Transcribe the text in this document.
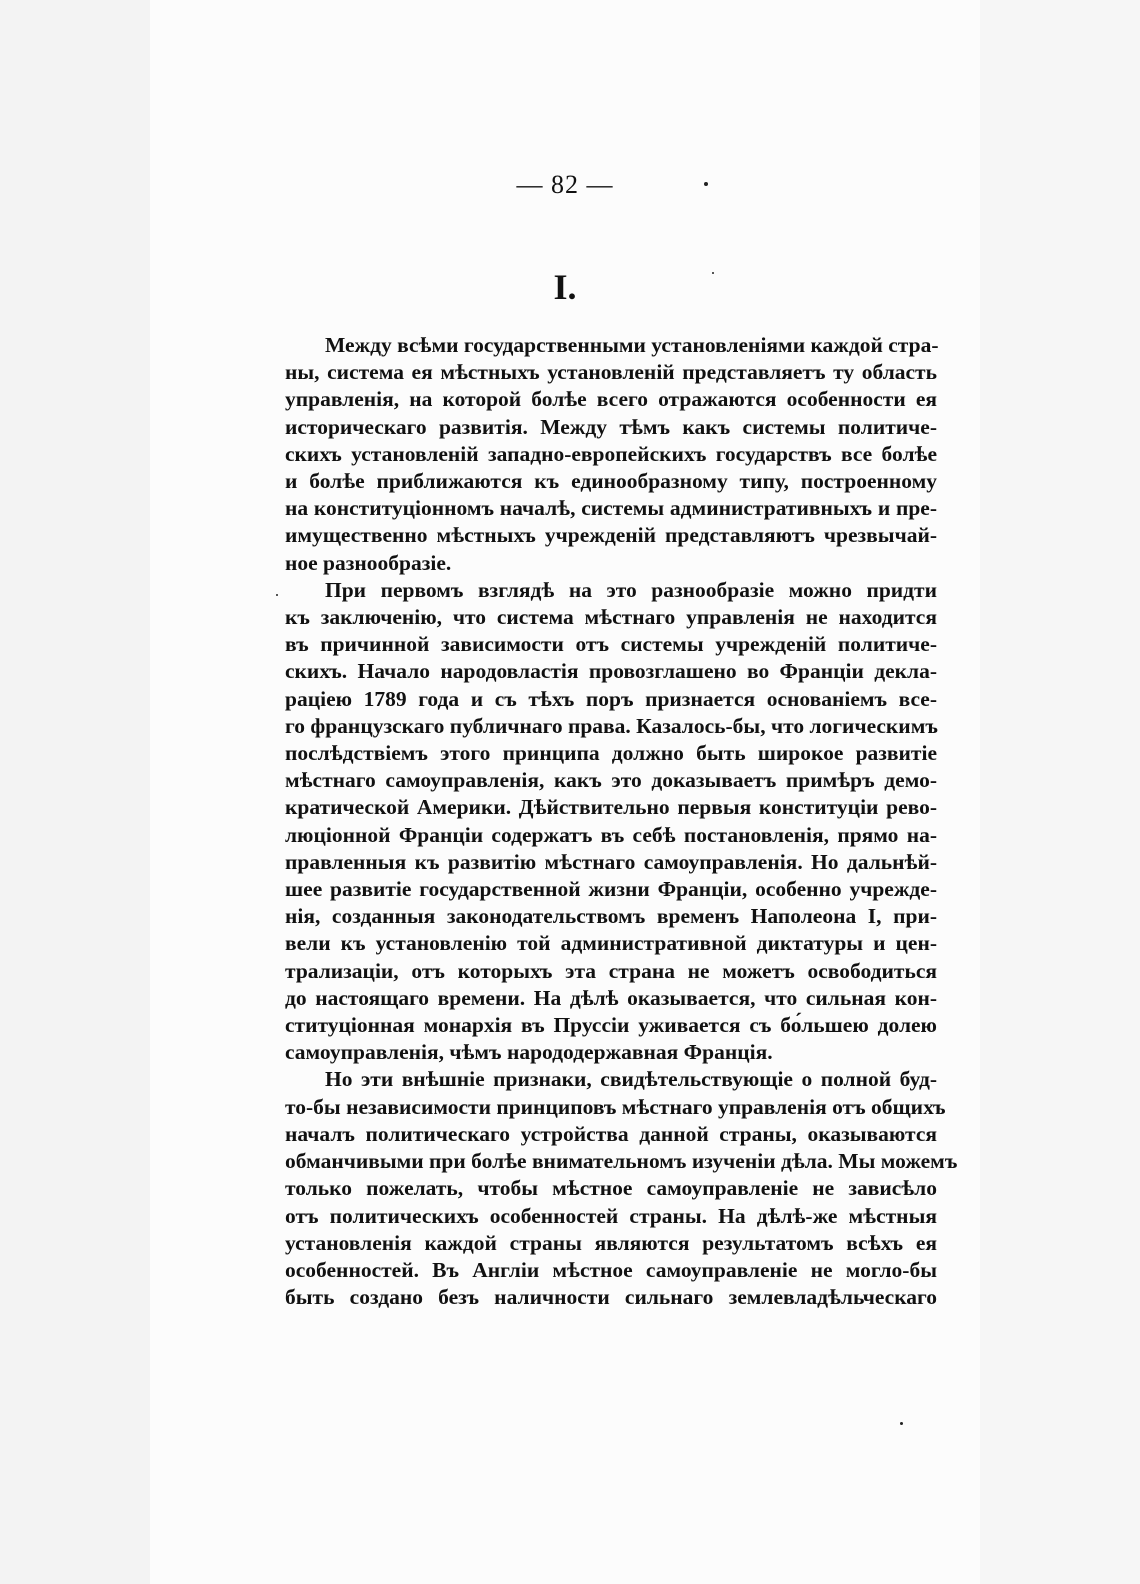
— 82 —
I.
Между всѣми государственными установленіями каждой стра-
ны, система ея мѣстныхъ установленій представляетъ ту область
управленія, на которой болѣе всего отражаются особенности ея
историческаго развитія. Между тѣмъ какъ системы политиче-
скихъ установленій западно-европейскихъ государствъ все болѣе
и болѣе приближаются къ единообразному типу, построенному
на конституціонномъ началѣ, системы административныхъ и пре-
имущественно мѣстныхъ учрежденій представляютъ чрезвычай-
ное разнообразіе.
При первомъ взглядѣ на это разнообразіе можно придти
къ заключенію, что система мѣстнаго управленія не находится
въ причинной зависимости отъ системы учрежденій политиче-
скихъ. Начало народовластія провозглашено во Франціи декла-
раціею 1789 года и съ тѣхъ поръ признается основаніемъ все-
го французскаго публичнаго права. Казалось-бы, что логическимъ
послѣдствіемъ этого принципа должно быть широкое развитіе
мѣстнаго самоуправленія, какъ это доказываетъ примѣръ демо-
кратической Америки. Дѣйствительно первыя конституціи рево-
люціонной Франціи содержатъ въ себѣ постановленія, прямо на-
правленныя къ развитію мѣстнаго самоуправленія. Но дальнѣй-
шее развитіе государственной жизни Франціи, особенно учрежде-
нія, созданныя законодательствомъ временъ Наполеона I, при-
вели къ установленію той административной диктатуры и цен-
трализаціи, отъ которыхъ эта страна не можетъ освободиться
до настоящаго времени. На дѣлѣ оказывается, что сильная кон-
ституціонная монархія въ Пруссіи уживается съ бо́льшею долею
самоуправленія, чѣмъ народодержавная Франція.
Но эти внѣшніе признаки, свидѣтельствующіе о полной буд-
то-бы независимости принциповъ мѣстнаго управленія отъ общихъ
началъ политическаго устройства данной страны, оказываются
обманчивыми при болѣе внимательномъ изученіи дѣла. Мы можемъ
только пожелать, чтобы мѣстное самоуправленіе не зависѣло
отъ политическихъ особенностей страны. На дѣлѣ-же мѣстныя
установленія каждой страны являются результатомъ всѣхъ ея
особенностей. Въ Англіи мѣстное самоуправленіе не могло-бы
быть создано безъ наличности сильнаго землевладѣльческаго
